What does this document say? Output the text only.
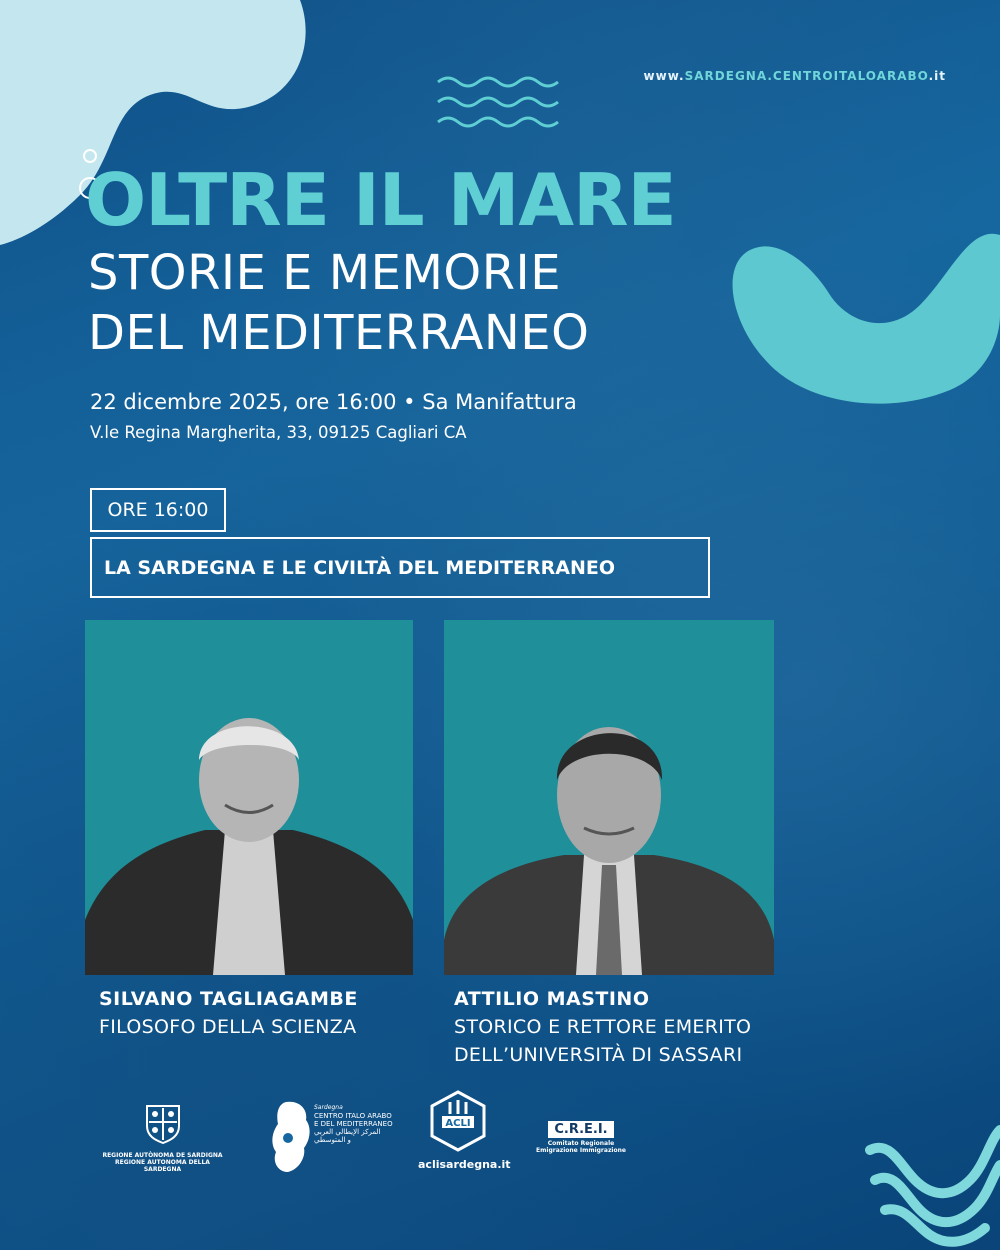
www.SARDEGNA.CENTROITALOARABO.it
OLTRE IL MARE
STORIE E MEMORIE
DEL MEDITERRANEO
22 dicembre 2025, ore 16:00 • Sa Manifattura
V.le Regina Margherita, 33, 09125 Cagliari CA
ORE 16:00
LA SARDEGNA E LE CIVILTÀ DEL MEDITERRANEO
SILVANO TAGLIAGAMBE
FILOSOFO DELLA SCIENZA
ATTILIO MASTINO
STORICO E RETTORE EMERITO
DELL’UNIVERSITÀ DI SASSARI
REGIONE AUTÒNOMA DE SARDIGNA
REGIONE AUTONOMA DELLA SARDEGNA
Sardegna
CENTRO ITALO ARABO
E DEL MEDITERRANEO
المركز الإيطالي العربي
و المتوسطي
ACLI
aclisardegna.it
C.R.E.I.
Comitato Regionale
Emigrazione Immigrazione
